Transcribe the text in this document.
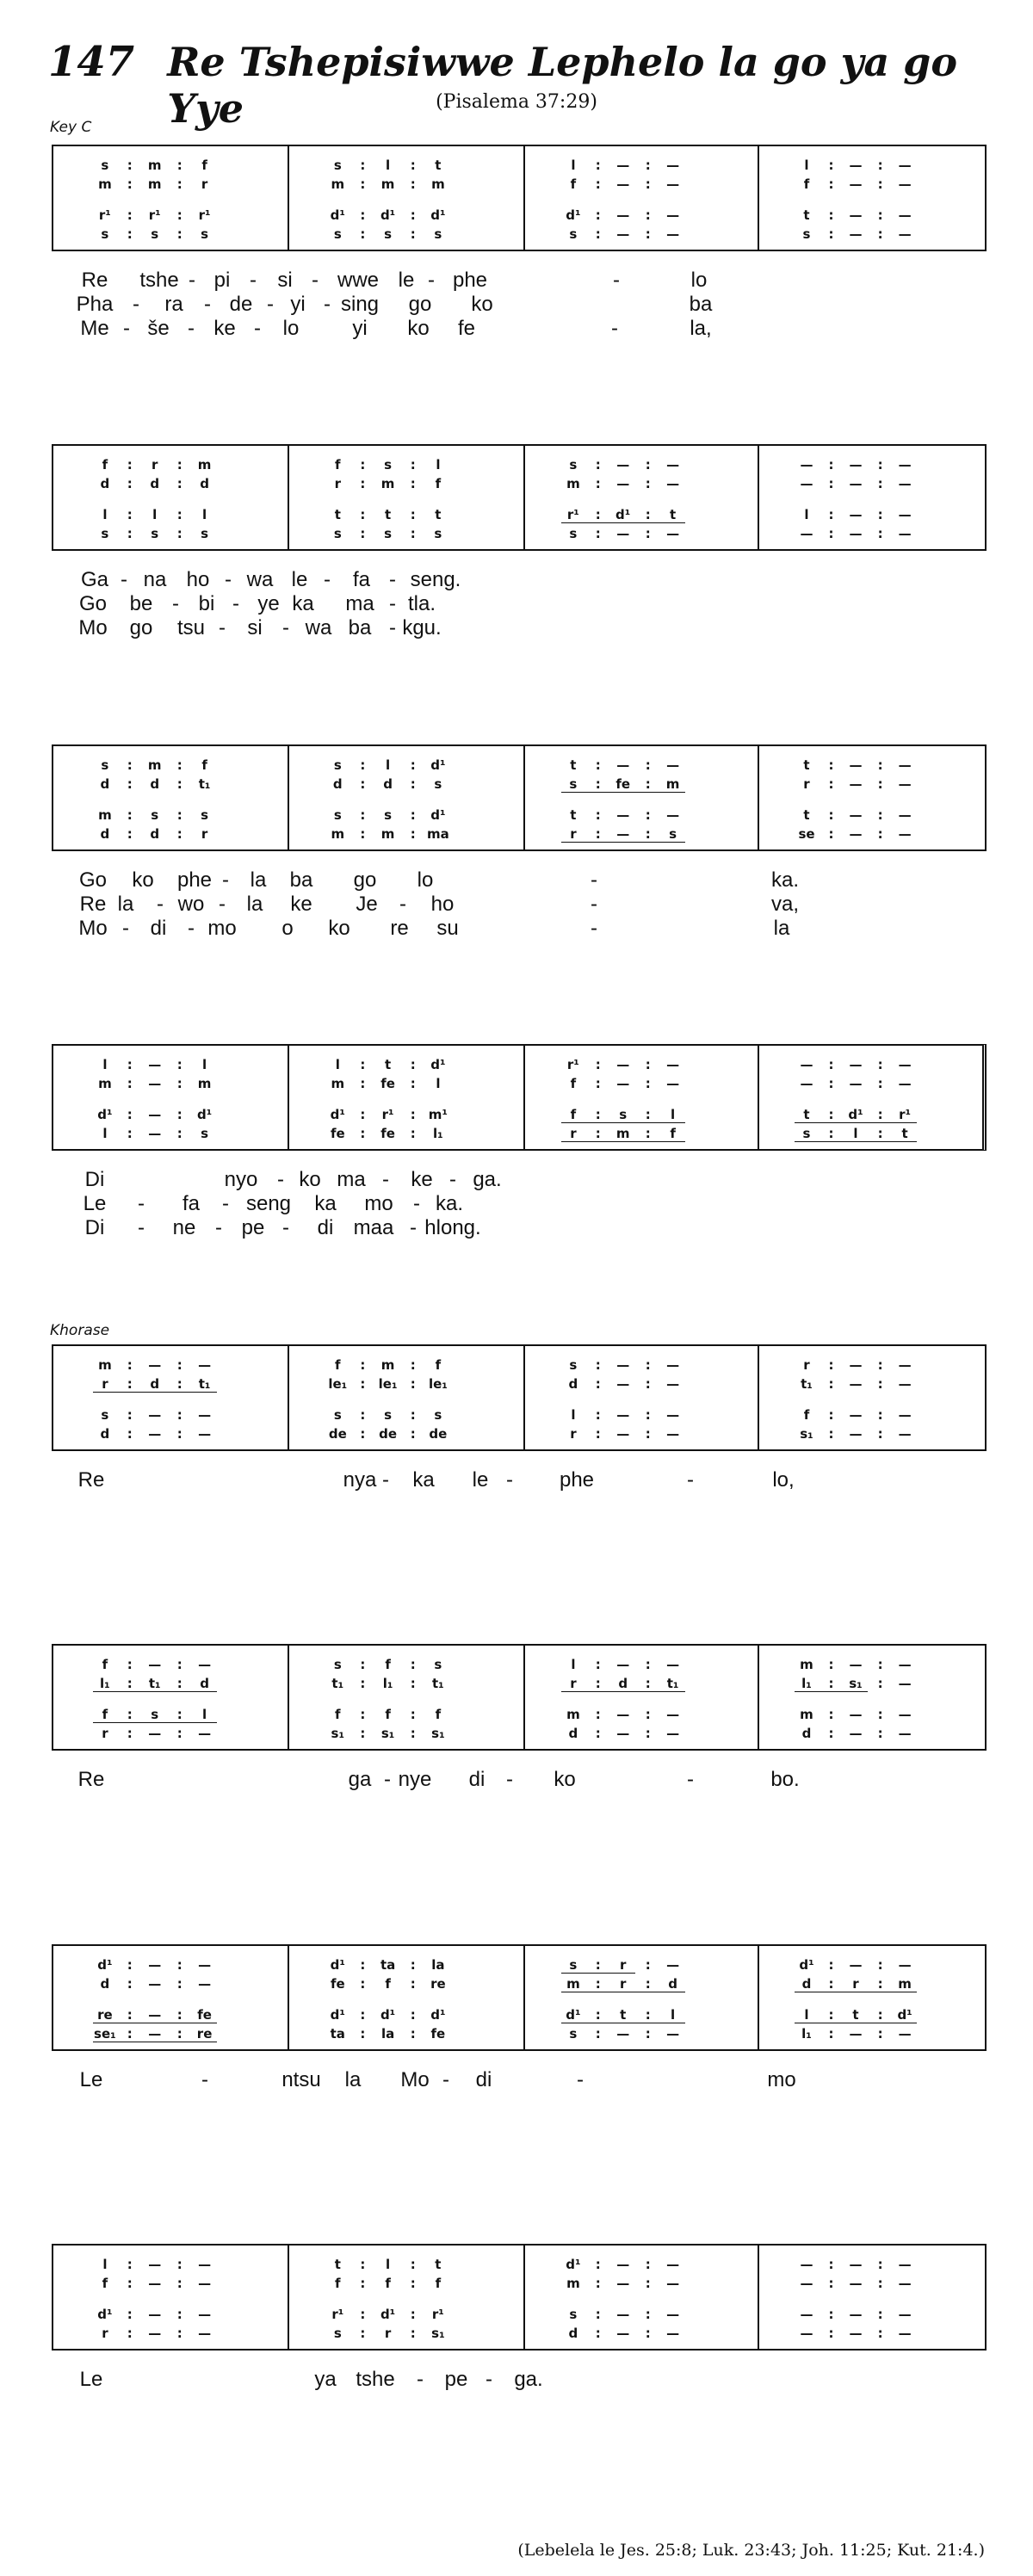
147 Re Tshepisiwwe Lephelo la go ya go Yye	(Pisalema 37:29)
Key C
Khorase
s	:	m	:	f	s	:	l	:	t	l	:	—	:	—	l	:	—	:	—
m	:	m	:	r	m	:	m	:	m	f	:	—	:	—	f	:	—	:	—
r¹	:	r¹	:	r¹	d¹	:	d¹	:	d¹	d¹	:	—	:	—	t	:	—	:	—
s	:	s	:	s	s	:	s	:	s	s	:	—	:	—	s	:	—	:	—
Re tshe - pi - si - wwe le - phe	-	lo
Pha - ra - de - yi - sing go ko	ba
Me - še - ke - lo	yi ko fe	-	la,
f	:	r	:	m	f	:	s	:	l	s	:	—	:	—	—	:	—	:	—
d	:	d	:	d	r	:	m	:	f	m	:	—	:	—	—	:	—	:	—
l	:	l	:	l	t	:	t	:	t	r¹	:	d¹	:	t	l	:	—	:	—
s	:	s	:	s	s	:	s	:	s	s	:	—	:	—	—	:	—	:	—
Ga - na ho - wa le - fa - seng.
Go be - bi - ye ka ma - tla.
Mo go tsu - si - wa ba - kgu.
s	:	m	:	f	s	:	l	:	d¹	t	:	—	:	—	t	:	—	:	—
d	:	d	:	t₁	d	:	d	:	s	s	:	fe	:	m	r	:	—	:	—
m	:	s	:	s	s	:	s	:	d¹	t	:	—	:	—	t	:	—	:	—
d	:	d	:	r	m	:	m	: ma	r	:	—	:	s	se	:	—	:	—
Go ko phe - la ba go lo	-	ka.
Re la - wo - la ke Je - ho	-	va,
Mo - di - mo o ko re su	-	la
l	:	—	:	l	l	:	t	:	d¹	r¹	:	—	:	—	—	:	—	:	—
m	:	—	:	m	m	:	fe	:	l	f	:	—	:	—	—	:	—	:	—
d¹	:	—	:	d¹	d¹	:	r¹	:	m¹	f	:	s	:	l	t	:	d¹	:	r¹
l	:	—	:	s	fe	:	fe	:	l₁	r	:	m	:	f	s	:	l	:	t
Di	nyo - ko ma - ke - ga.
Le - fa - seng ka mo - ka.
Di - ne - pe - di maa - hlong.
m	:	—	:	—	f	:	m	:	f	s	:	—	:	—	r	:	—	:	—
r	:	d	:	t₁	le₁	:	le₁	:	le₁	d	:	—	:	—	t₁	:	—	:	—
s	:	—	:	—	s	:	s	:	s	l	:	—	:	—	f	:	—	:	—
d	:	—	:	—	de	:	de	:	de	r	:	—	:	—	s₁	:	—	:	—
Re	nya - ka le - phe	-	lo,
f	:	—	:	—	s	:	f	:	s	l	:	—	:	—	m	:	—	:	—
l₁	:	t₁	:	d	t₁	:	l₁	:	t₁	r	:	d	:	t₁	l₁	:	s₁	:	—
f	:	s	:	l	f	:	f	:	f	m	:	—	:	—	m	:	—	:	—
r	:	—	:	—	s₁	:	s₁	:	s₁	d	:	—	:	—	d	:	—	:	—
Re	ga - nye di - ko	-	bo.
d¹	:	—	:	—	d¹	:	ta	:	la	s	:	r	:	—	d¹	:	—	:	—
d	:	—	:	—	fe	:	f	:	re	m	:	r	:	d	d	:	r	:	m
re	:	—	:	fe	d¹	:	d¹	:	d¹	d¹	:	t	:	l	l	:	t	:	d¹
se₁ :	—	:	re	ta	:	la	:	fe	s	:	—	:	—	l₁	:	—	:	—
Le	-	ntsu la Mo - di	-	mo
l	:	—	:	—	t	:	l	:	t	d¹	:	—	:	—	—	:	—	:	—
f	:	—	:	—	f	:	f	:	f	m	:	—	:	—	—	:	—	:	—
d¹	:	—	:	—	r¹	:	d¹	:	r¹	s	:	—	:	—	—	:	—	:	—
r	:	—	:	—	s	:	r	:	s₁	d	:	—	:	—	—	:	—	:	—
Le	ya tshe - pe - ga.
(Lebelela le Jes. 25:8; Luk. 23:43; Joh. 11:25; Kut. 21:4.)
